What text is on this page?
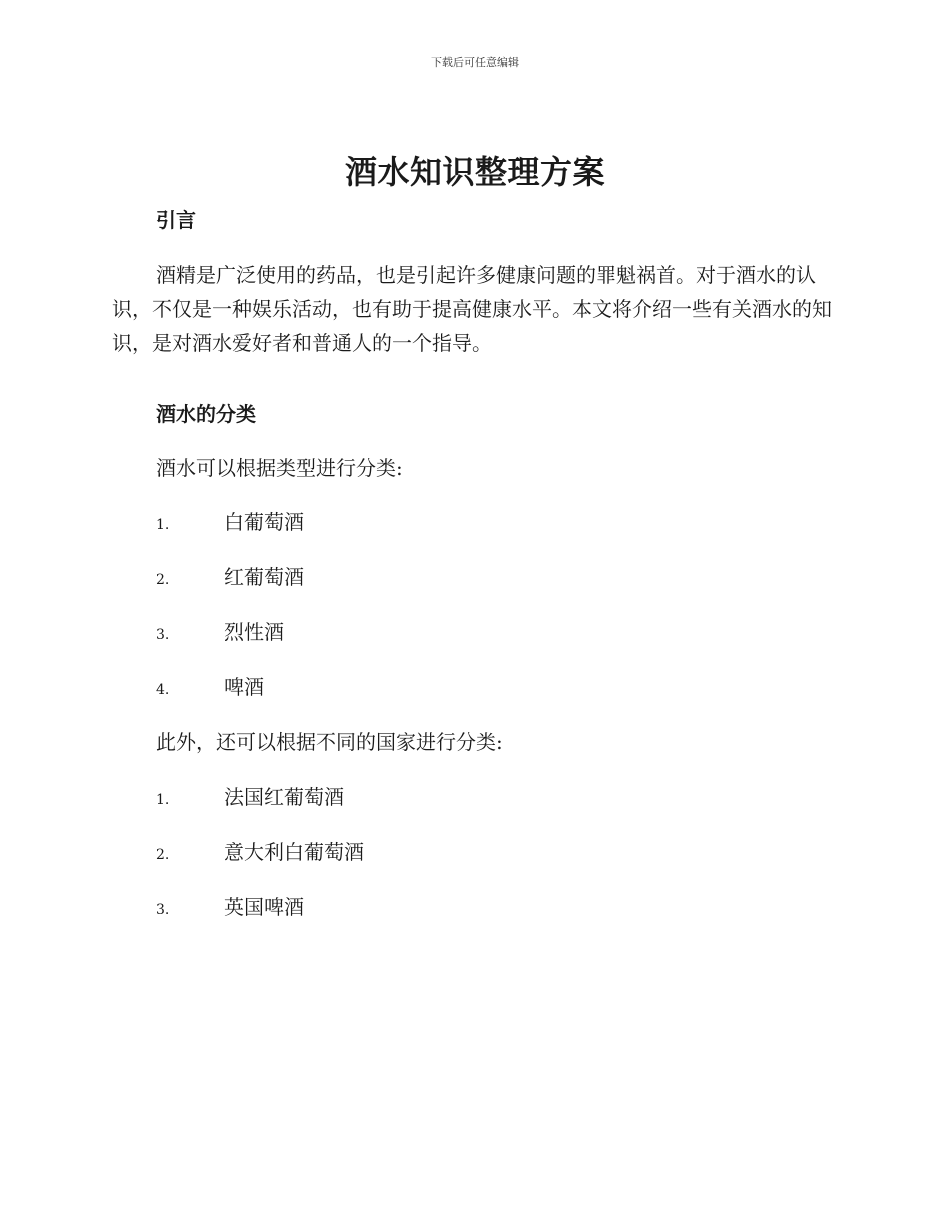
下载后可任意编辑
酒水知识整理方案
引言

酒精是广泛使用的药品，也是引起许多健康问题的罪魁祸首。对于酒水的认识，不仅是一种娱乐活动，也有助于提高健康水平。本文将介绍一些有关酒水的知识，是对酒水爱好者和普通人的一个指导。

酒水的分类

酒水可以根据类型进行分类:

1.	白葡萄酒
2.	红葡萄酒
3.	烈性酒
4.	啤酒

此外，还可以根据不同的国家进行分类:

1.	法国红葡萄酒
2.	意大利白葡萄酒
3.	英国啤酒
